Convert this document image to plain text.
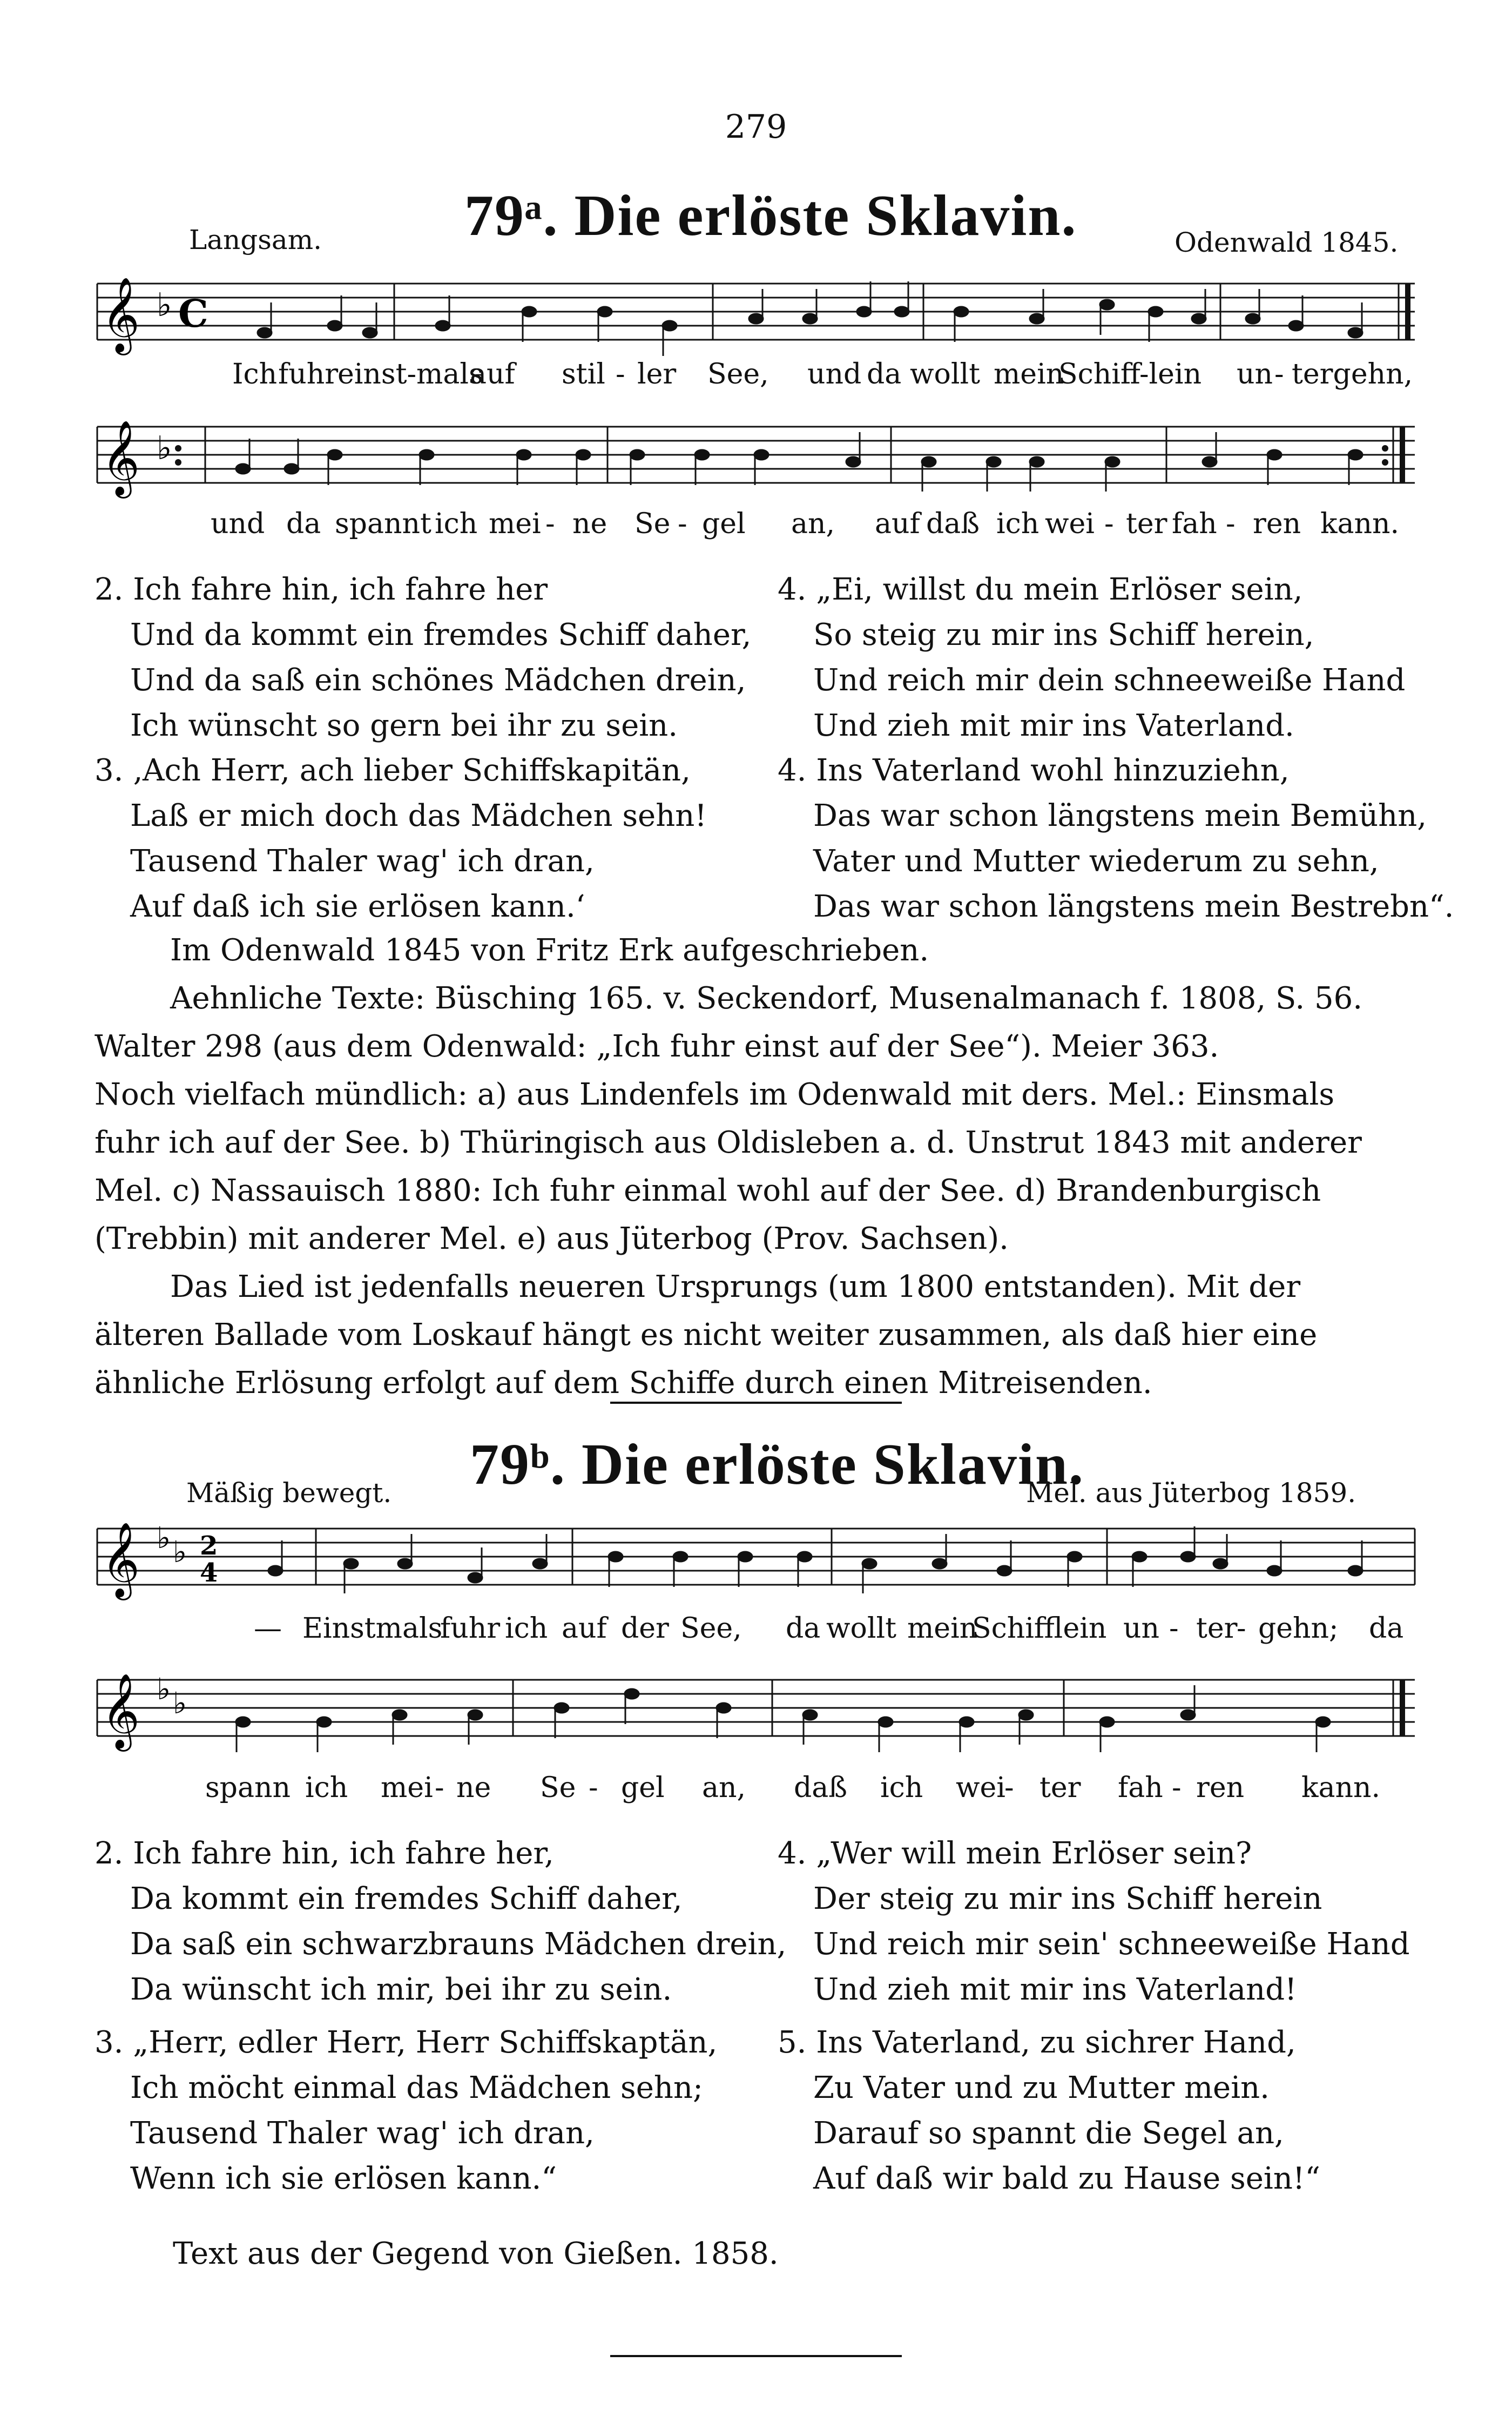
279
Langsam. 79ᵃ. Die erlöste Sklavin.	Odenwald 1845.
𝄞 ♭ C
Ich fuhr
einst-mals
auf stil - ler See, und da wollt mein
Schiff-lein un - tergehn,
𝄞 ♭
und da spannt ich mei - ne Se - gel an, auf daß ich wei - ter fah - ren kann.
2. Ich fahre hin, ich fahre her
Und da kommt ein fremdes Schiff daher,
Und da saß ein schönes Mädchen drein,
Ich wünscht so gern bei ihr zu sein.
3. ‚Ach Herr, ach lieber Schiffskapitän,
Laß er mich doch das Mädchen sehn!
Tausend Thaler wag' ich dran,
Auf daß ich sie erlösen kann.‘
4. „Ei, willst du mein Erlöser sein,
So steig zu mir ins Schiff herein,
Und reich mir dein schneeweiße Hand
Und zieh mit mir ins Vaterland.
4. Ins Vaterland wohl hinzuziehn,
Das war schon längstens mein Bemühn,
Vater und Mutter wiederum zu sehn,
Das war schon längstens mein Bestrebn“.
Im Odenwald 1845 von Fritz Erk aufgeschrieben.
Aehnliche Texte: Büsching 165. v. Seckendorf, Musenalmanach f. 1808, S. 56.
Walter 298 (aus dem Odenwald: „Ich fuhr einst auf der See“). Meier 363.
Noch vielfach mündlich: a) aus Lindenfels im Odenwald mit ders. Mel.: Einsmals
fuhr ich auf der See. b) Thüringisch aus Oldisleben a. d. Unstrut 1843 mit anderer
Mel. c) Nassauisch 1880: Ich fuhr einmal wohl auf der See. d) Brandenburgisch
(Trebbin) mit anderer Mel. e) aus Jüterbog (Prov. Sachsen).
Das Lied ist jedenfalls neueren Ursprungs (um 1800 entstanden). Mit der
älteren Ballade vom Loskauf hängt es nicht weiter zusammen, als daß hier eine
ähnliche Erlösung erfolgt auf dem Schiffe durch einen Mitreisenden.
79ᵇ. Die erlöste Sklavin.
Mäßig bewegt.	Mel. aus Jüterbog 1859.
𝄞 ♭ ♭ 2
4
— Einstmals
fuhr ich auf der See, da wollt mein
Schifflein un - ter
- gehn; da
𝄞 ♭ ♭
spann ich mei - ne Se - gel an, daß ich wei
- ter fah - ren kann.
2. Ich fahre hin, ich fahre her,
Da kommt ein fremdes Schiff daher,
Da saß ein schwarzbrauns Mädchen drein,
Da wünscht ich mir, bei ihr zu sein.
3. „Herr, edler Herr, Herr Schiffskaptän,
Ich möcht einmal das Mädchen sehn;
Tausend Thaler wag' ich dran,
Wenn ich sie erlösen kann.“
4. „Wer will mein Erlöser sein?
Der steig zu mir ins Schiff herein
Und reich mir sein' schneeweiße Hand
Und zieh mit mir ins Vaterland!
5. Ins Vaterland, zu sichrer Hand,
Zu Vater und zu Mutter mein.
Darauf so spannt die Segel an,
Auf daß wir bald zu Hause sein!“
Text aus der Gegend von Gießen. 1858.
